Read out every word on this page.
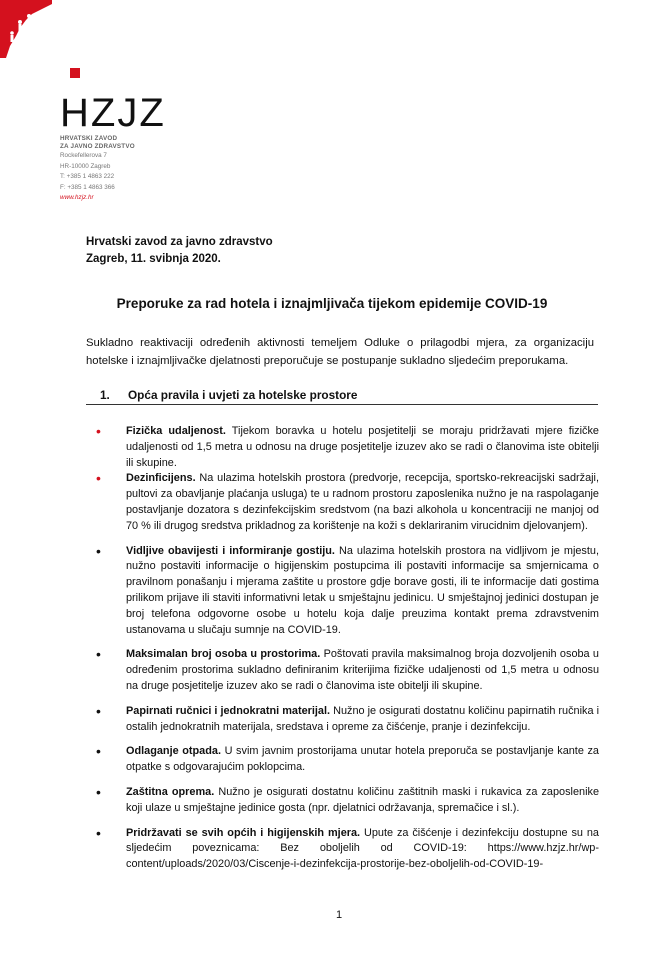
HZJZ
HRVATSKI ZAVOD
ZA JAVNO ZDRAVSTVO
Rockefellerova 7
HR-10000 Zagreb
T: +385 1 4863 222
F: +385 1 4863 366
www.hzjz.hr
Hrvatski zavod za javno zdravstvo
Zagreb, 11. svibnja 2020.
Preporuke za rad hotela i iznajmljivača tijekom epidemije COVID-19
Sukladno reaktivaciji određenih aktivnosti temeljem Odluke o prilagodbi mjera, za organizaciju hotelske i iznajmljivačke djelatnosti preporučuje se postupanje sukladno sljedećim preporukama.
1. Opća pravila i uvjeti za hotelske prostore
• Fizička udaljenost. Tijekom boravka u hotelu posjetitelji se moraju pridržavati mjere fizičke udaljenosti od 1,5 metra u odnosu na druge posjetitelje izuzev ako se radi o članovima iste obitelji ili skupine.
• Dezinficijens. Na ulazima hotelskih prostora (predvorje, recepcija, sportsko-rekreacijski sadržaji, pultovi za obavljanje plaćanja usluga) te u radnom prostoru zaposlenika nužno je na raspolaganje postavljanje dozatora s dezinfekcijskim sredstvom (na bazi alkohola u koncentraciji ne manjoj od 70 % ili drugog sredstva prikladnog za korištenje na koži s deklariranim virucidnim djelovanjem).
• Vidljive obavijesti i informiranje gostiju. Na ulazima hotelskih prostora na vidljivom je mjestu, nužno postaviti informacije o higijenskim postupcima ili postaviti informacije sa smjernicama o pravilnom ponašanju i mjerama zaštite u prostore gdje borave gosti, ili te informacije dati gostima prilikom prijave ili staviti informativni letak u smještajnu jedinicu. U smještajnoj jedinici dostupan je broj telefona odgovorne osobe u hotelu koja dalje preuzima kontakt prema zdravstvenim ustanovama u slučaju sumnje na COVID-19.
• Maksimalan broj osoba u prostorima. Poštovati pravila maksimalnog broja dozvoljenih osoba u određenim prostorima sukladno definiranim kriterijima fizičke udaljenosti od 1,5 metra u odnosu na druge posjetitelje izuzev ako se radi o članovima iste obitelji ili skupine.
• Papirnati ručnici i jednokratni materijal. Nužno je osigurati dostatnu količinu papirnatih ručnika i ostalih jednokratnih materijala, sredstava i opreme za čišćenje, pranje i dezinfekciju.
• Odlaganje otpada. U svim javnim prostorijama unutar hotela preporuča se postavljanje kante za otpatke s odgovarajućim poklopcima.
• Zaštitna oprema. Nužno je osigurati dostatnu količinu zaštitnih maski i rukavica za zaposlenike koji ulaze u smještajne jedinice gosta (npr. djelatnici održavanja, spremačice i sl.).
• Pridržavati se svih općih i higijenskih mjera. Upute za čišćenje i dezinfekciju dostupne su na sljedećim poveznicama: Bez oboljelih od COVID-19: https://www.hzjz.hr/wp-content/uploads/2020/03/Ciscenje-i-dezinfekcija-prostorije-bez-oboljelih-od-COVID-19-
1
